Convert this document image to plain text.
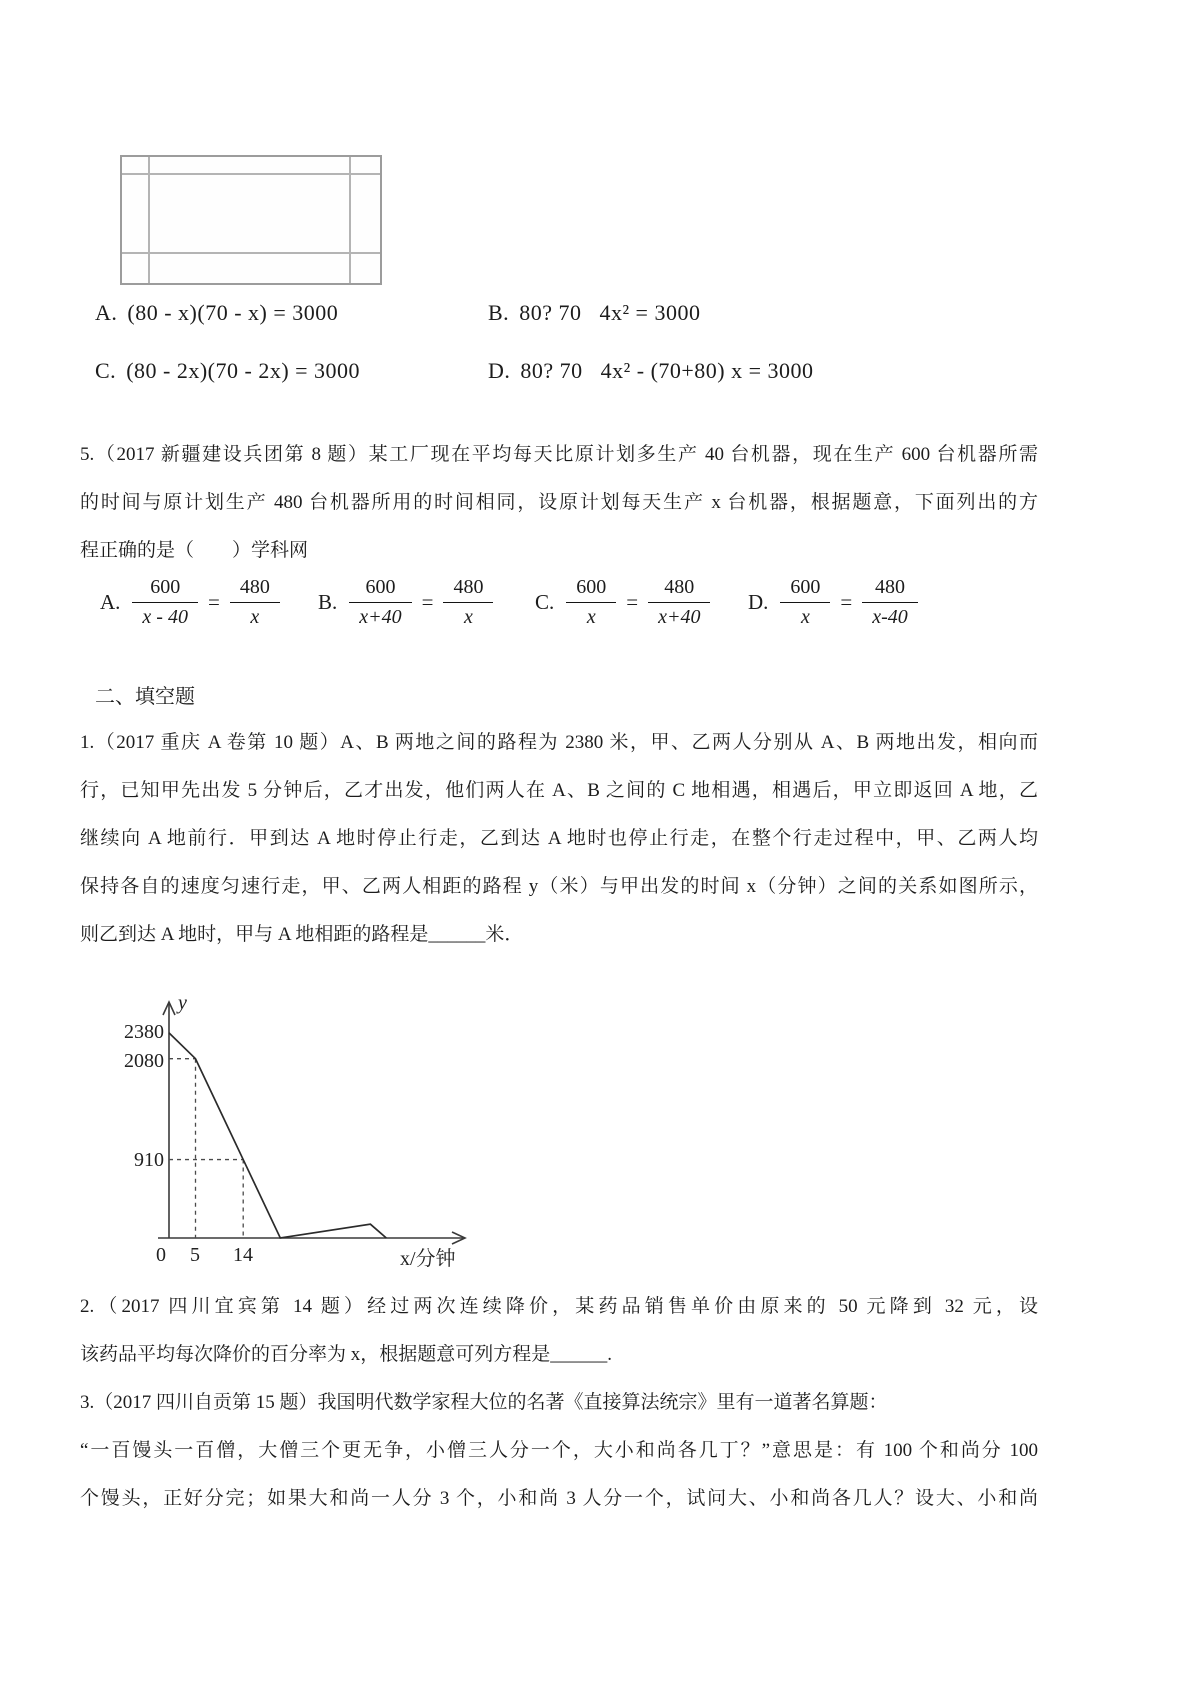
A. (80 - x)(70 - x) = 3000	B. 80? 70   4x² = 3000
C. (80 - 2x)(70 - 2x) = 3000	D. 80? 70   4x² - (70+80) x = 3000
5.（2017 新疆建设兵团第 8 题）某工厂现在平均每天比原计划多生产 40 台机器，现在生产 600 台机器所需
的时间与原计划生产 480 台机器所用的时间相同，设原计划每天生产 x 台机器，根据题意，下面列出的方
程正确的是（　　）学科网
A. $\frac{600}{x - 40} = \frac{480}{x} B$. $\frac{600}{x+40} = \frac{480}{x} C$. $\frac{600}{x} = \frac{480}{x+40} D$. $\frac{600}{x} = \frac{480}{x-40}$
二、填空题
1.（2017 重庆 A 卷第 10 题）A、B 两地之间的路程为 2380 米，甲、乙两人分别从 A、B 两地出发，相向而
行，已知甲先出发 5 分钟后，乙才出发，他们两人在 A、B 之间的 C 地相遇，相遇后，甲立即返回 A 地，乙
继续向 A 地前行．甲到达 A 地时停止行走，乙到达 A 地时也停止行走，在整个行走过程中，甲、乙两人均
保持各自的速度匀速行走，甲、乙两人相距的路程 y（米）与甲出发的时间 x（分钟）之间的关系如图所示，
则乙到达 A 地时，甲与 A 地相距的路程是______米．
2380
2080
910
0 5 14
y
x/分钟
2.（2017 四川宜宾第 14 题）经过两次连续降价，某药品销售单价由原来的 50 元降到 32 元，设
该药品平均每次降价的百分率为 x，根据题意可列方程是______.
3.（2017 四川自贡第 15 题）我国明代数学家程大位的名著《直接算法统宗》里有一道著名算题：
“一百馒头一百僧，大僧三个更无争，小僧三人分一个，大小和尚各几丁？”意思是：有 100 个和尚分 100
个馒头，正好分完；如果大和尚一人分 3 个，小和尚 3 人分一个，试问大、小和尚各几人？设大、小和尚
